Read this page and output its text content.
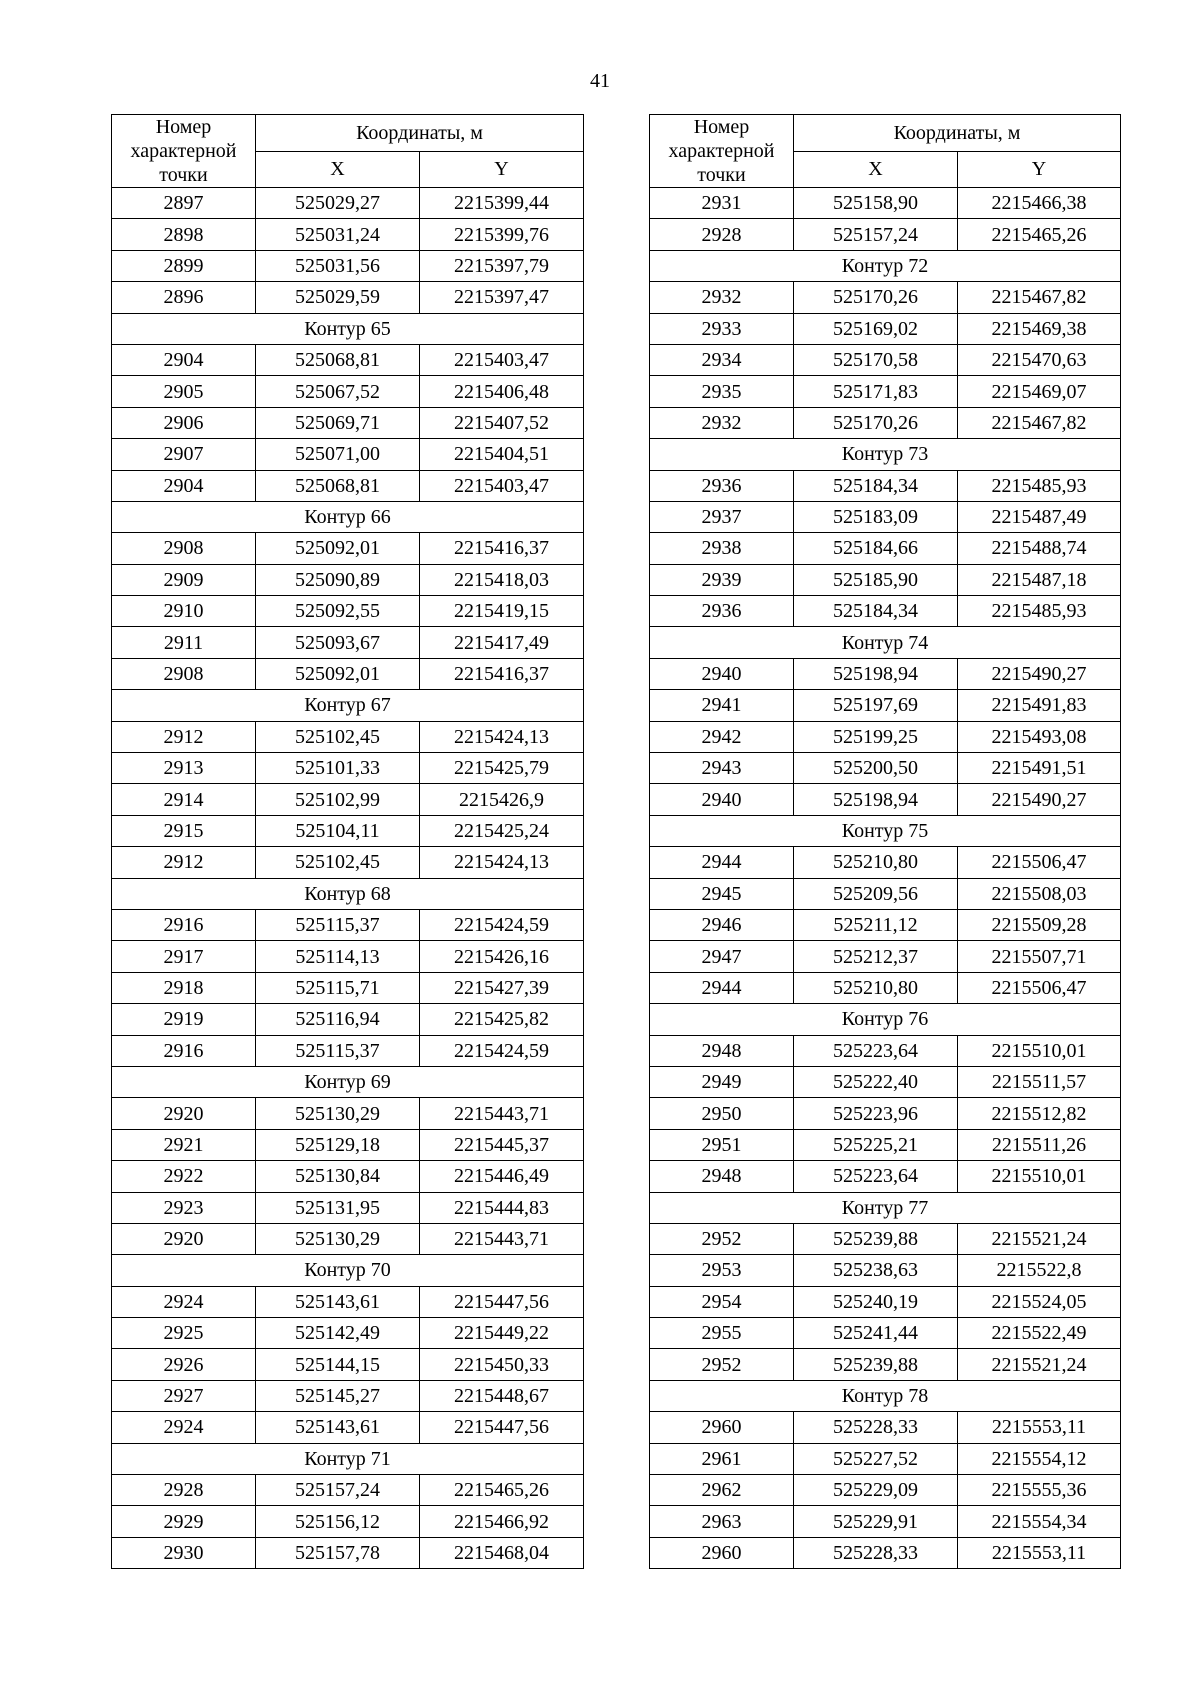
41
Номер характерной точки	Координаты, м	
	X	Y
2897	525029,27	2215399,44
2898	525031,24	2215399,76
2899	525031,56	2215397,79
2896	525029,59	2215397,47
Контур 65		
2904	525068,81	2215403,47
2905	525067,52	2215406,48
2906	525069,71	2215407,52
2907	525071,00	2215404,51
2904	525068,81	2215403,47
Контур 66		
2908	525092,01	2215416,37
2909	525090,89	2215418,03
2910	525092,55	2215419,15
2911	525093,67	2215417,49
2908	525092,01	2215416,37
Контур 67		
2912	525102,45	2215424,13
2913	525101,33	2215425,79
2914	525102,99	2215426,9
2915	525104,11	2215425,24
2912	525102,45	2215424,13
Контур 68		
2916	525115,37	2215424,59
2917	525114,13	2215426,16
2918	525115,71	2215427,39
2919	525116,94	2215425,82
2916	525115,37	2215424,59
Контур 69		
2920	525130,29	2215443,71
2921	525129,18	2215445,37
2922	525130,84	2215446,49
2923	525131,95	2215444,83
2920	525130,29	2215443,71
Контур 70		
2924	525143,61	2215447,56
2925	525142,49	2215449,22
2926	525144,15	2215450,33
2927	525145,27	2215448,67
2924	525143,61	2215447,56
Контур 71		
2928	525157,24	2215465,26
2929	525156,12	2215466,92
2930	525157,78	2215468,04
Номер характерной точки	Координаты, м	
	X	Y
2931	525158,90	2215466,38
2928	525157,24	2215465,26
Контур 72		
2932	525170,26	2215467,82
2933	525169,02	2215469,38
2934	525170,58	2215470,63
2935	525171,83	2215469,07
2932	525170,26	2215467,82
Контур 73		
2936	525184,34	2215485,93
2937	525183,09	2215487,49
2938	525184,66	2215488,74
2939	525185,90	2215487,18
2936	525184,34	2215485,93
Контур 74		
2940	525198,94	2215490,27
2941	525197,69	2215491,83
2942	525199,25	2215493,08
2943	525200,50	2215491,51
2940	525198,94	2215490,27
Контур 75		
2944	525210,80	2215506,47
2945	525209,56	2215508,03
2946	525211,12	2215509,28
2947	525212,37	2215507,71
2944	525210,80	2215506,47
Контур 76		
2948	525223,64	2215510,01
2949	525222,40	2215511,57
2950	525223,96	2215512,82
2951	525225,21	2215511,26
2948	525223,64	2215510,01
Контур 77		
2952	525239,88	2215521,24
2953	525238,63	2215522,8
2954	525240,19	2215524,05
2955	525241,44	2215522,49
2952	525239,88	2215521,24
Контур 78		
2960	525228,33	2215553,11
2961	525227,52	2215554,12
2962	525229,09	2215555,36
2963	525229,91	2215554,34
2960	525228,33	2215553,11
